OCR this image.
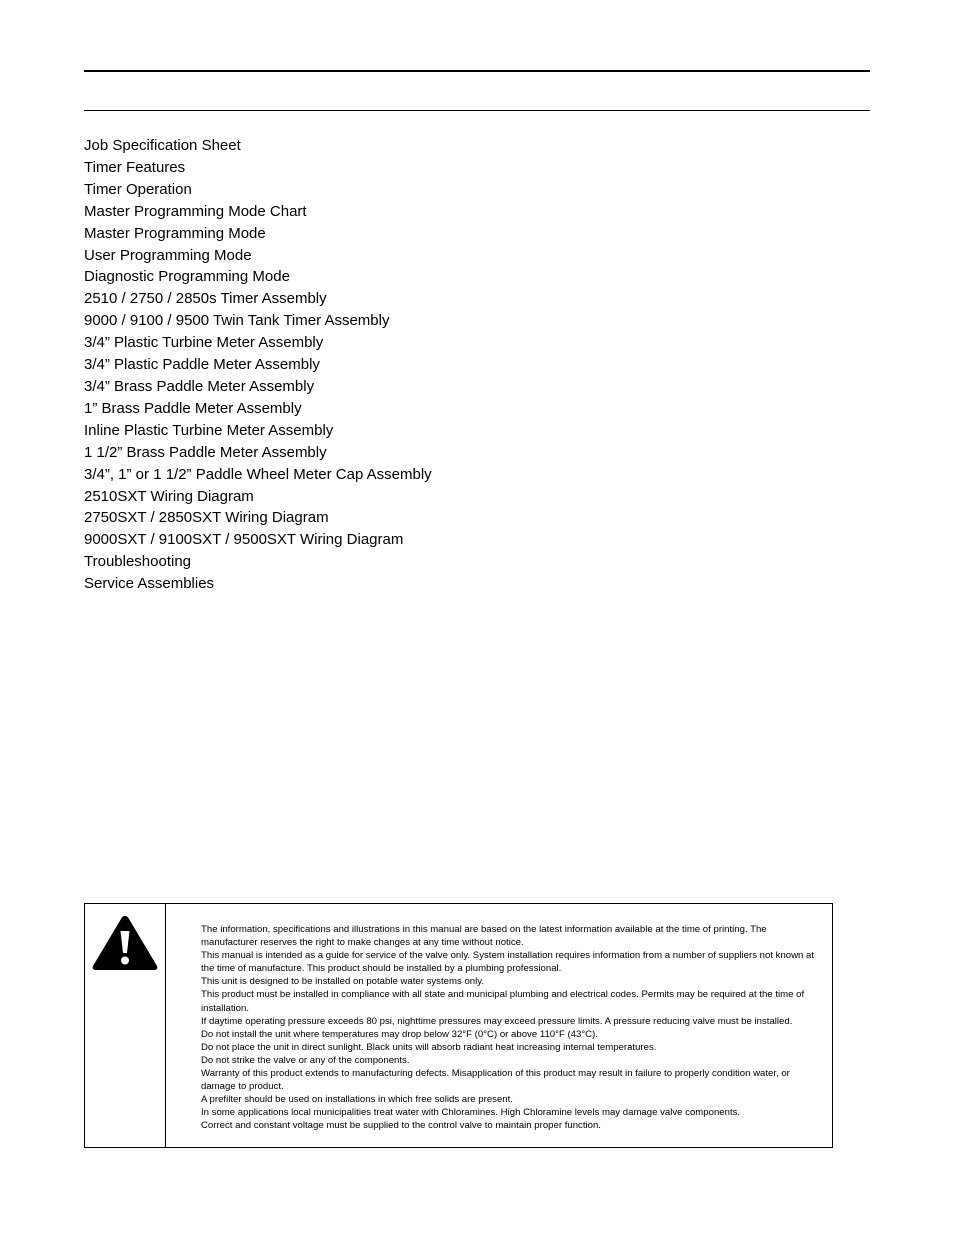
Job Specification Sheet
Timer Features
Timer Operation
Master Programming Mode Chart
Master Programming Mode
User Programming Mode
Diagnostic Programming Mode
2510 / 2750 / 2850s Timer Assembly
9000 / 9100 / 9500 Twin Tank Timer Assembly
3/4” Plastic Turbine Meter Assembly
3/4” Plastic Paddle Meter Assembly
3/4” Brass Paddle Meter Assembly
1” Brass Paddle Meter Assembly
Inline Plastic Turbine Meter Assembly
1 1/2” Brass Paddle Meter Assembly
3/4”, 1” or 1 1/2” Paddle Wheel Meter Cap Assembly
2510SXT Wiring Diagram
2750SXT / 2850SXT Wiring Diagram
9000SXT / 9100SXT / 9500SXT Wiring Diagram
Troubleshooting
Service Assemblies

The information, specifications and illustrations in this manual are based on the latest information available at the time of printing. The manufacturer reserves the right to make changes at any time without notice.

This manual is intended as a guide for service of the valve only. System installation requires information from a number of suppliers not known at the time of manufacture. This product should be installed by a plumbing professional.

This unit is designed to be installed on potable water systems only.

This product must be installed in compliance with all state and municipal plumbing and electrical codes. Permits may be required at the time of installation.

If daytime operating pressure exceeds 80 psi, nighttime pressures may exceed pressure limits. A pressure reducing valve must be installed.

Do not install the unit where temperatures may drop below 32°F (0°C) or above 110°F (43°C).

Do not place the unit in direct sunlight. Black units will absorb radiant heat increasing internal temperatures.

Do not strike the valve or any of the components.

Warranty of this product extends to manufacturing defects. Misapplication of this product may result in failure to properly condition water, or damage to product.

A prefilter should be used on installations in which free solids are present.

In some applications local municipalities treat water with Chloramines. High Chloramine levels may damage valve components.

Correct and constant voltage must be supplied to the control valve to maintain proper function.
